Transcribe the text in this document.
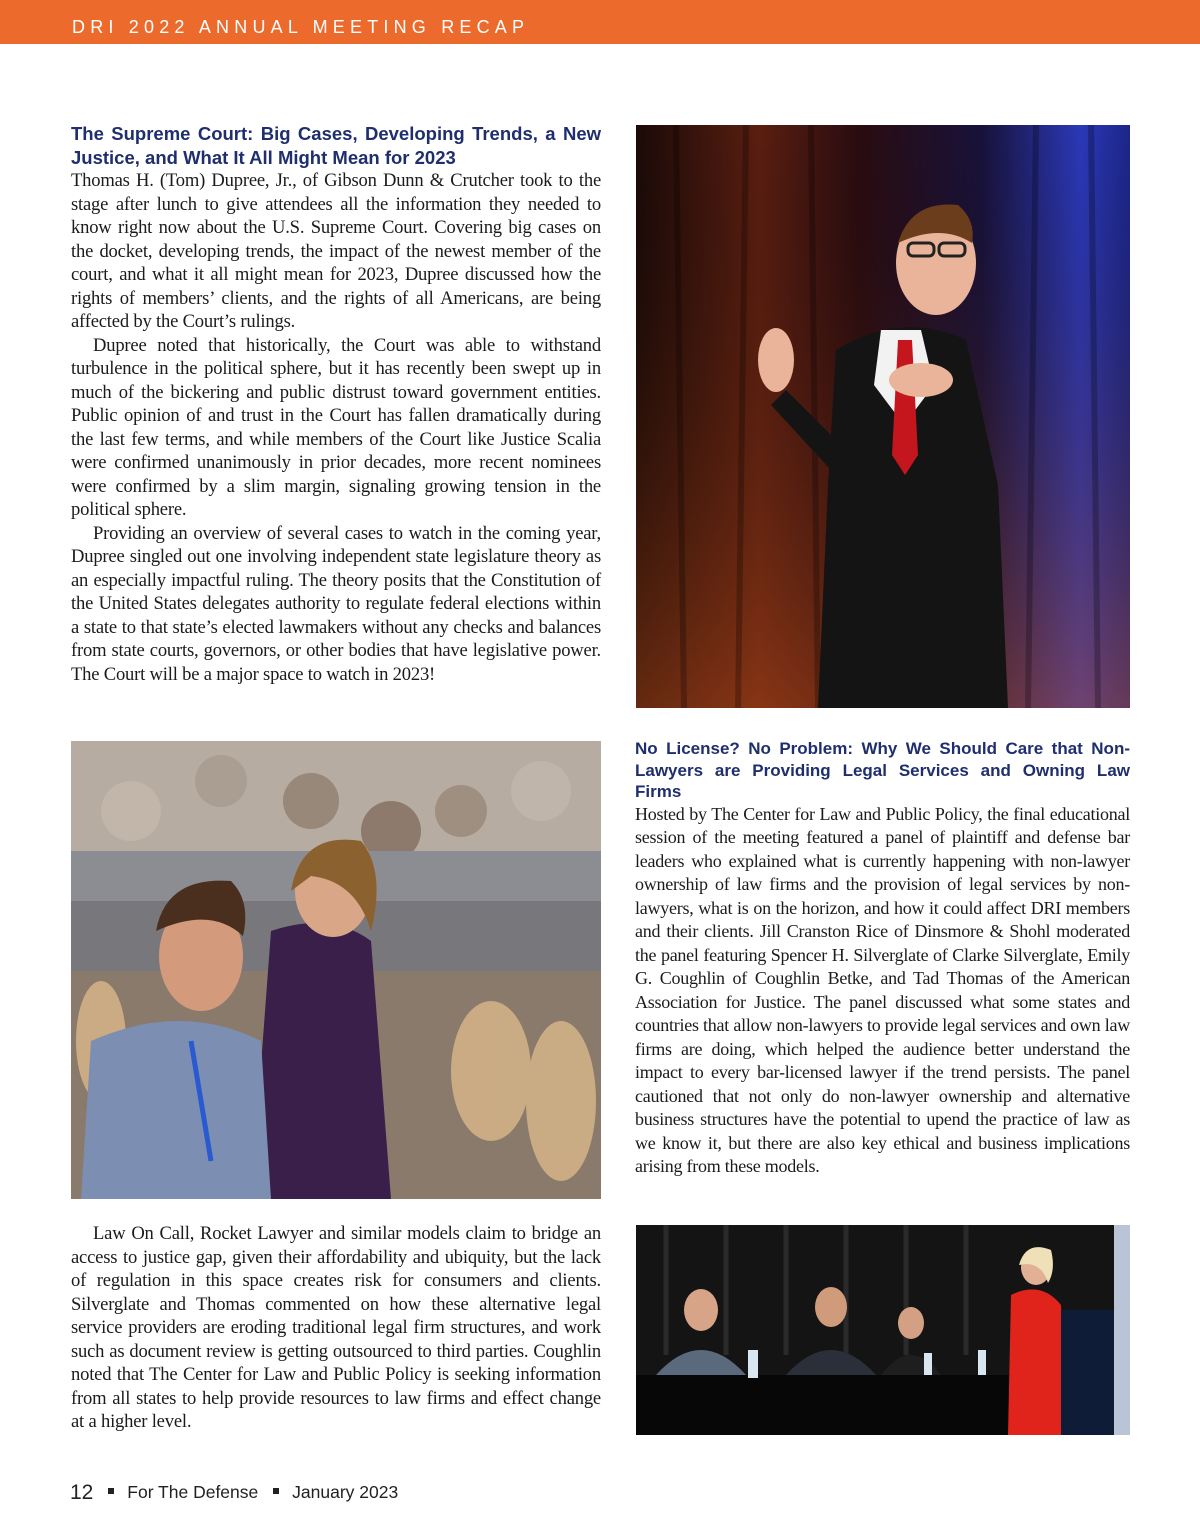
DRI 2022 ANNUAL MEETING RECAP
The Supreme Court: Big Cases, Developing Trends, a New Justice, and What It All Might Mean for 2023

Thomas H. (Tom) Dupree, Jr., of Gibson Dunn & Crutcher took to the stage after lunch to give attendees all the information they needed to know right now about the U.S. Supreme Court. Covering big cases on the docket, developing trends, the impact of the newest member of the court, and what it all might mean for 2023, Dupree discussed how the rights of members’ clients, and the rights of all Americans, are being affected by the Court’s rulings.

Dupree noted that historically, the Court was able to withstand turbulence in the political sphere, but it has recently been swept up in much of the bickering and public distrust toward government entities. Public opinion of and trust in the Court has fallen dramatically during the last few terms, and while members of the Court like Justice Scalia were confirmed unanimously in prior decades, more recent nominees were confirmed by a slim margin, signaling growing tension in the political sphere.

Providing an overview of several cases to watch in the coming year, Dupree singled out one involving independent state legislature theory as an especially impactful ruling. The theory posits that the Constitution of the United States delegates authority to regulate federal elections within a state to that state’s elected lawmakers without any checks and balances from state courts, governors, or other bodies that have legislative power. The Court will be a major space to watch in 2023!

No License? No Problem: Why We Should Care that Non-Lawyers are Providing Legal Services and Owning Law Firms

Hosted by The Center for Law and Public Policy, the final educational session of the meeting featured a panel of plaintiff and defense bar leaders who explained what is currently happening with non-lawyer ownership of law firms and the provision of legal services by non-lawyers, what is on the horizon, and how it could affect DRI members and their clients. Jill Cranston Rice of Dinsmore & Shohl moderated the panel featuring Spencer H. Silverglate of Clarke Silverglate, Emily G. Coughlin of Coughlin Betke, and Tad Thomas of the American Association for Justice. The panel discussed what some states and countries that allow non-lawyers to provide legal services and own law firms are doing, which helped the audience better understand the impact to every bar-licensed lawyer if the trend persists. The panel cautioned that not only do non-lawyer ownership and alternative business structures have the potential to upend the practice of law as we know it, but there are also key ethical and business implications arising from these models.

Law On Call, Rocket Lawyer and similar models claim to bridge an access to justice gap, given their affordability and ubiquity, but the lack of regulation in this space creates risk for consumers and clients. Silverglate and Thomas commented on how these alternative legal service providers are eroding traditional legal firm structures, and work such as document review is getting outsourced to third parties. Coughlin noted that The Center for Law and Public Policy is seeking information from all states to help provide resources to law firms and effect change at a higher level.

12 For The Defense January 2023
